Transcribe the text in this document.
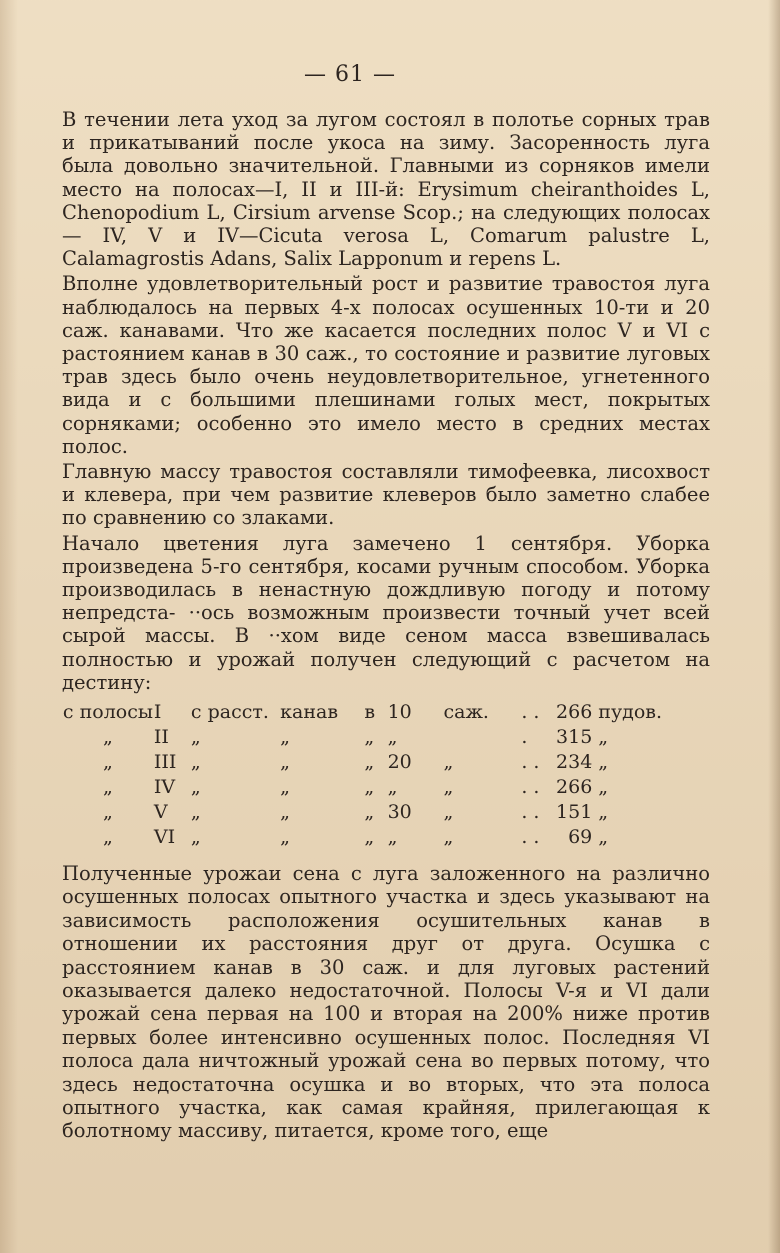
— 61 —

В течении лета уход за лугом состоял в полотье сорных трав и прикатываний после укоса на зиму. Засоренность луга была довольно значительной. Главными из сорняков имели место на полосах—I, II и III-й: Erysimum cheiranthoides L, Chenopodium L, Cirsium arvense Scop.; на следующих полосах— IV, V и IV—Cicuta verosa L, Comarum palustre L, Calamagrostis Adans, Salix Lapponum и repens L.

Вполне удовлетворительный рост и развитие травостоя луга наблюдалось на первых 4-х полосах осушенных 10-ти и 20 саж. канавами. Что же касается последних полос V и VI с растоянием канав в 30 саж., то состояние и развитие луговых трав здесь было очень неудовлетворительное, угнетенного вида и с большими плешинами голых мест, покрытых сорняками; особенно это имело место в средних местах полос.

Главную массу травостоя составляли тимофеевка, лисохвост и клевера, при чем развитие клеверов было заметно слабее по сравнению со злаками.

Начало цветения луга замечено 1 сентября. Уборка произведена 5-го сентября, косами ручным способом. Уборка производилась в ненастную дождливую погоду и потому непредста- ··ось возможным произвести точный учет всей сырой массы. В ··хом виде сеном масса взвешивалась полностью и урожай получен следующий с расчетом на дестину:

с полосы	I	с расст.	канав	в	10	саж.	. .	266	пудов.
„	II	„	„	„	„		.	315	„
„	III	„	„	„	20	„	. .	234	„
„	IV	„	„	„	„	„	. .	266	„
„	V	„	„	„	30	„	. .	151	„
„	VI	„	„	„	„	„	. .	69	„

Полученные урожаи сена с луга заложенного на различно осушенных полосах опытного участка и здесь указывают на зависимость расположения осушительных канав в отношении их расстояния друг от друга. Осушка с расстоянием канав в 30 саж. и для луговых растений оказывается далеко недостаточной. Полосы V-я и VI дали урожай сена первая на 100 и вторая на 200% ниже против первых более интенсивно осушенных полос. Последняя VI полоса дала ничтожный урожай сена во первых потому, что здесь недостаточна осушка и во вторых, что эта полоса опытного участка, как самая крайняя, прилегающая к болотному массиву, питается, кроме того, еще
